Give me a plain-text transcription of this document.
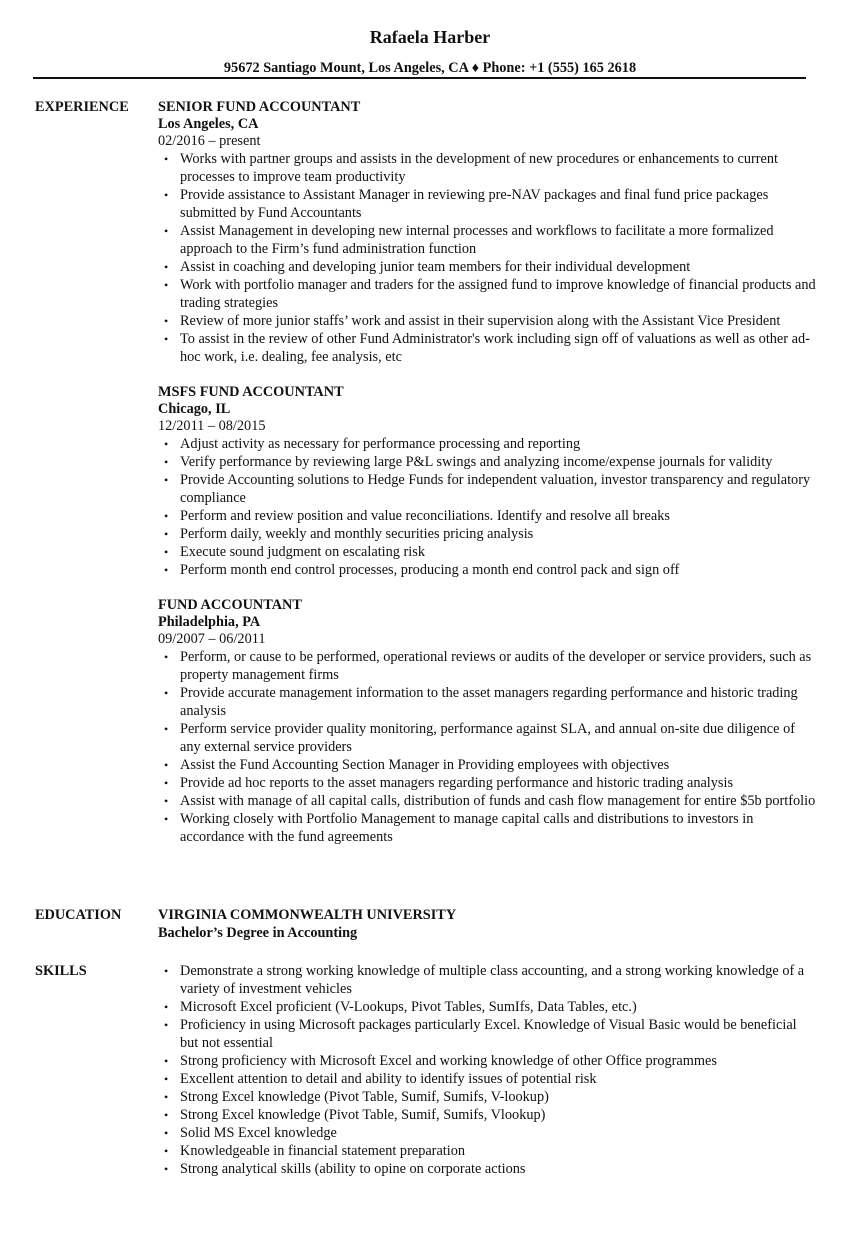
Rafaela Harber
95672 Santiago Mount, Los Angeles, CA ♦ Phone: +1 (555) 165 2618
EXPERIENCE SENIOR FUND ACCOUNTANT
Los Angeles, CA
02/2016 – present
• Works with partner groups and assists in the development of new procedures or enhancements to current processes to improve team productivity
• Provide assistance to Assistant Manager in reviewing pre-NAV packages and final fund price packages submitted by Fund Accountants
• Assist Management in developing new internal processes and workflows to facilitate a more formalized approach to the Firm’s fund administration function
• Assist in coaching and developing junior team members for their individual development
• Work with portfolio manager and traders for the assigned fund to improve knowledge of financial products and trading strategies
• Review of more junior staffs’ work and assist in their supervision along with the Assistant Vice President
• To assist in the review of other Fund Administrator's work including sign off of valuations as well as other ad-hoc work, i.e. dealing, fee analysis, etc
MSFS FUND ACCOUNTANT
Chicago, IL
12/2011 – 08/2015
• Adjust activity as necessary for performance processing and reporting
• Verify performance by reviewing large P&L swings and analyzing income/expense journals for validity
• Provide Accounting solutions to Hedge Funds for independent valuation, investor transparency and regulatory compliance
• Perform and review position and value reconciliations. Identify and resolve all breaks
• Perform daily, weekly and monthly securities pricing analysis
• Execute sound judgment on escalating risk
• Perform month end control processes, producing a month end control pack and sign off
FUND ACCOUNTANT
Philadelphia, PA
09/2007 – 06/2011
• Perform, or cause to be performed, operational reviews or audits of the developer or service providers, such as property management firms
• Provide accurate management information to the asset managers regarding performance and historic trading analysis
• Perform service provider quality monitoring, performance against SLA, and annual on-site due diligence of any external service providers
• Assist the Fund Accounting Section Manager in Providing employees with objectives
• Provide ad hoc reports to the asset managers regarding performance and historic trading analysis
• Assist with manage of all capital calls, distribution of funds and cash flow management for entire $5b portfolio
• Working closely with Portfolio Management to manage capital calls and distributions to investors in accordance with the fund agreements
EDUCATION	VIRGINIA COMMONWEALTH UNIVERSITY
Bachelor’s Degree in Accounting
SKILLS	• Demonstrate a strong working knowledge of multiple class accounting, and a strong working knowledge of a variety of investment vehicles
• Microsoft Excel proficient (V-Lookups, Pivot Tables, SumIfs, Data Tables, etc.)
• Proficiency in using Microsoft packages particularly Excel. Knowledge of Visual Basic would be beneficial but not essential
• Strong proficiency with Microsoft Excel and working knowledge of other Office programmes
• Excellent attention to detail and ability to identify issues of potential risk
• Strong Excel knowledge (Pivot Table, Sumif, Sumifs, V-lookup)
• Strong Excel knowledge (Pivot Table, Sumif, Sumifs, Vlookup)
• Solid MS Excel knowledge
• Knowledgeable in financial statement preparation
• Strong analytical skills (ability to opine on corporate actions
